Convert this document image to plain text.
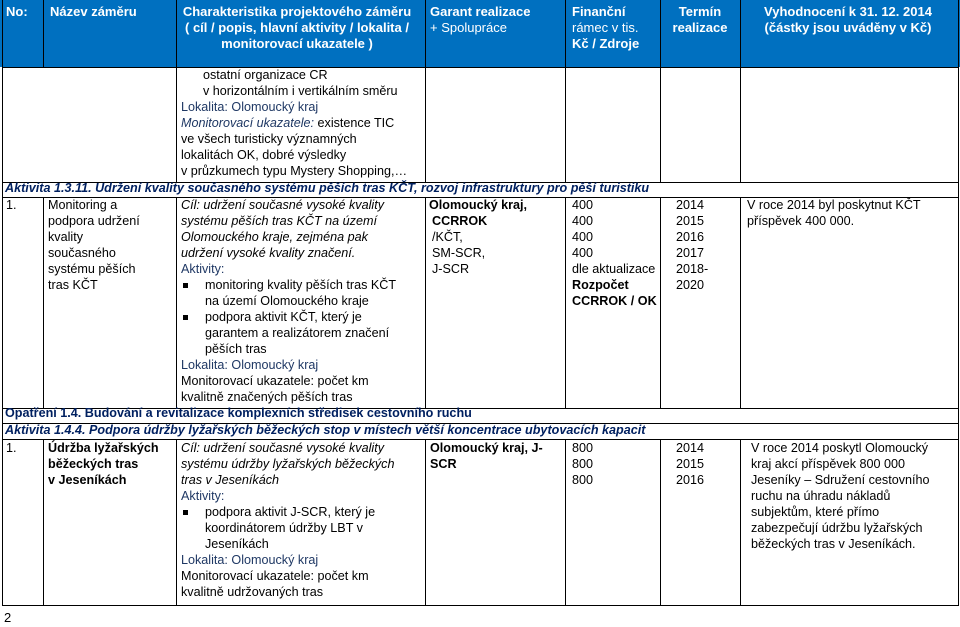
No: Název záměru	Charakteristika projektového záměru
( cíl / popis, hlavní aktivity / lokalita /
monitorovací ukazatele )
Garant realizace
+ Spolupráce
Finanční
rámec v tis.
Kč / Zdroje
Termín
realizace
Vyhodnocení k 31. 12. 2014
(částky jsou uváděny v Kč)
ostatní organizace CR
v horizontálním i vertikálním směru
Lokalita: Olomoucký kraj
Monitorovací ukazatele: existence TIC
ve všech turisticky významných
lokalitách OK, dobré výsledky
v průzkumech typu Mystery Shopping,…
Aktivita 1.3.11. Udržení kvality současného systému pěších tras KČT, rozvoj infrastruktury pro pěší turistiku
1. Monitoring a
podpora udržení
kvality
současného
systému pěších
tras KČT
Cíl: udržení současné vysoké kvality
systému pěších tras KČT na území
Olomouckého kraje, zejména pak
udržení vysoké kvality značení.
Aktivity:
monitoring kvality pěších tras KČT
na území Olomouckého kraje
podpora aktivit KČT, který je
garantem a realizátorem značení
pěších tras
Lokalita: Olomoucký kraj
Monitorovací ukazatele: počet km
kvalitně značených pěších tras
Olomoucký kraj,
CCRROK
/KČT,
SM-SCR,
J-SCR
400
400
400
400
dle aktualizace
Rozpočet
CCRROK / OK
2014
2015
2016
2017
2018-
2020
V roce 2014 byl poskytnut KČT
příspěvek 400 000.
Opatření 1.4. Budování a revitalizace komplexních středisek cestovního ruchu
Aktivita 1.4.4. Podpora údržby lyžařských běžeckých stop v místech větší koncentrace ubytovacích kapacit
1. Údržba lyžařských
běžeckých tras
v Jeseníkách
Cíl: udržení současné vysoké kvality
systému údržby lyžařských běžeckých
tras v Jeseníkách
Aktivity:
podpora aktivit J-SCR, který je
koordinátorem údržby LBT v
Jeseníkách
Lokalita: Olomoucký kraj
Monitorovací ukazatele: počet km
kvalitně udržovaných tras
Olomoucký kraj, J-
SCR
800
800
800
2014
2015
2016
V roce 2014 poskytl Olomoucký
kraj akcí příspěvek 800 000
Jeseníky – Sdružení cestovního
ruchu na úhradu nákladů
subjektům, které přímo
zabezpečují údržbu lyžařských
běžeckých tras v Jeseníkách.
2
